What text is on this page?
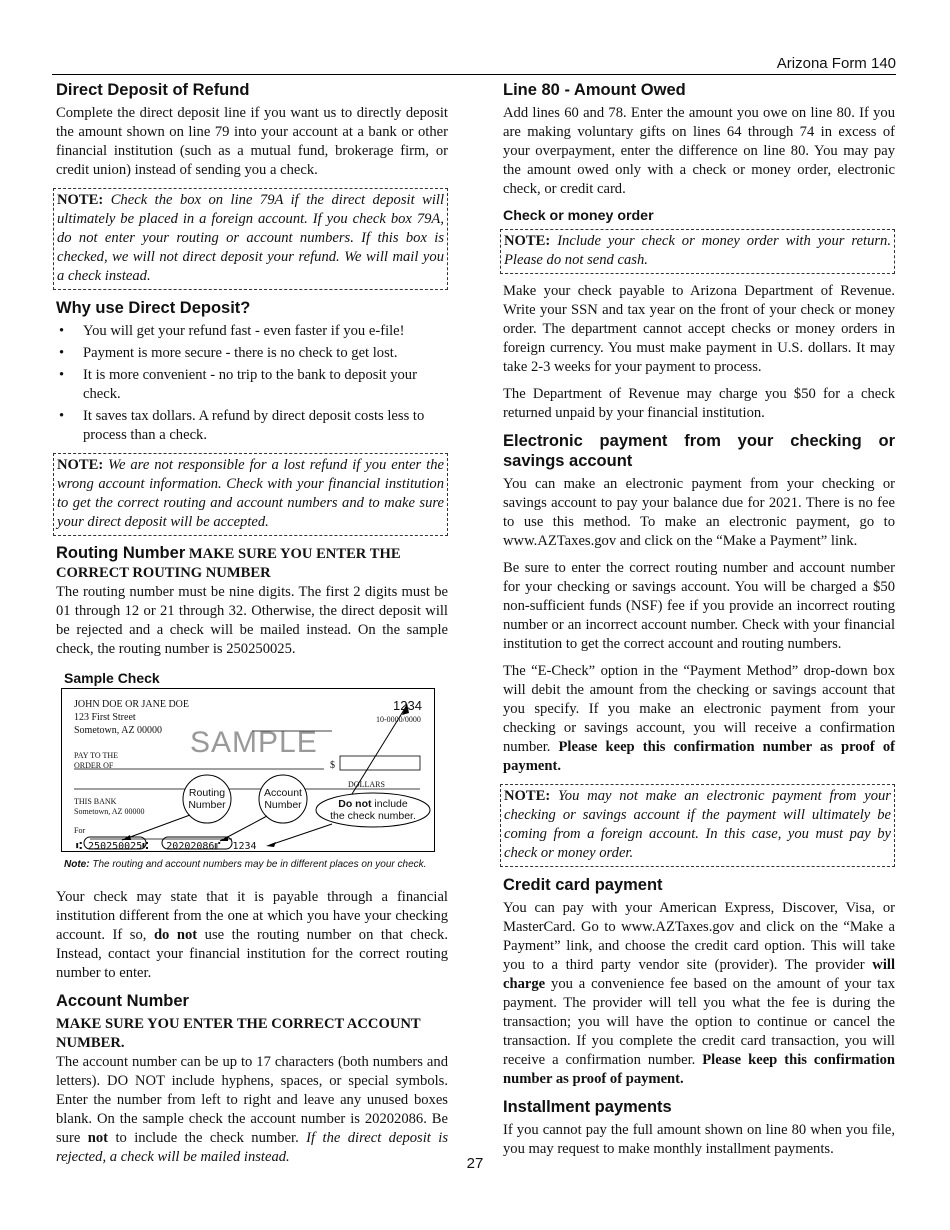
Arizona Form 140
Direct Deposit of Refund

Complete the direct deposit line if you want us to directly deposit the amount shown on line 79 into your account at a bank or other financial institution (such as a mutual fund, brokerage firm, or credit union) instead of sending you a check.

NOTE: Check the box on line 79A if the direct deposit will ultimately be placed in a foreign account. If you check box 79A, do not enter your routing or account numbers. If this box is checked, we will not direct deposit your refund. We will mail you a check instead.
Why use Direct Deposit?
• You will get your refund fast - even faster if you e-file!
• Payment is more secure - there is no check to get lost.
• It is more convenient - no trip to the bank to deposit your check.
• It saves tax dollars. A refund by direct deposit costs less to process than a check.
NOTE: We are not responsible for a lost refund if you enter the wrong account information. Check with your financial institution to get the correct routing and account numbers and to make sure your direct deposit will be accepted.
Routing Number MAKE SURE YOU ENTER THE CORRECT ROUTING NUMBER

The routing number must be nine digits. The first 2 digits must be 01 through 12 or 21 through 32. Otherwise, the direct deposit will be rejected and a check will be mailed instead. On the sample check, the routing number is 250250025.

Sample Check
JOHN DOE OR JANE DOE
123 First Street
Sometown, AZ 00000
1234
10-0000/0000
SAMPLE
PAY TO THE
ORDER OF	$
DOLLARS
THIS BANK
Sometown, AZ 00000
For
Routing
Number
Account
Number	Do not include
the check number.
⑆ 250250025⑆   20202086⑈  1234
Note: The routing and account numbers may be in different places on your check.

Your check may state that it is payable through a financial institution different from the one at which you have your checking account. If so, do not use the routing number on that check. Instead, contact your financial institution for the correct routing number to enter.

Account Number
MAKE SURE YOU ENTER THE CORRECT ACCOUNT NUMBER.

The account number can be up to 17 characters (both numbers and letters). DO NOT include hyphens, spaces, or special symbols. Enter the number from left to right and leave any unused boxes blank. On the sample check the account number is 20202086. Be sure not to include the check number. If the direct deposit is rejected, a check will be mailed instead.

Line 80 - Amount Owed

Add lines 60 and 78. Enter the amount you owe on line 80. If you are making voluntary gifts on lines 64 through 74 in excess of your overpayment, enter the difference on line 80. You may pay the amount owed only with a check or money order, electronic check, or credit card.

Check or money order
NOTE: Include your check or money order with your return. Please do not send cash.

Make your check payable to Arizona Department of Revenue. Write your SSN and tax year on the front of your check or money order. The department cannot accept checks or money orders in foreign currency. You must make payment in U.S. dollars. It may take 2-3 weeks for your payment to process.

The Department of Revenue may charge you $50 for a check returned unpaid by your financial institution.

Electronic payment from your checking or savings account

You can make an electronic payment from your checking or savings account to pay your balance due for 2021. There is no fee to use this method. To make an electronic payment, go to www.AZTaxes.gov and click on the “Make a Payment” link.

Be sure to enter the correct routing number and account number for your checking or savings account. You will be charged a $50 non-sufficient funds (NSF) fee if you provide an incorrect routing number or an incorrect account number. Check with your financial institution to get the correct account and routing numbers.

The “E-Check” option in the “Payment Method” drop-down box will debit the amount from the checking or savings account that you specify. If you make an electronic payment from your checking or savings account, you will receive a confirmation number. Please keep this confirmation number as proof of payment.

NOTE: You may not make an electronic payment from your checking or savings account if the payment will ultimately be coming from a foreign account. In this case, you must pay by check or money order.
Credit card payment

You can pay with your American Express, Discover, Visa, or MasterCard. Go to www.AZTaxes.gov and click on the “Make a Payment” link, and choose the credit card option. This will take you to a third party vendor site (provider). The provider will charge you a convenience fee based on the amount of your tax payment. The provider will tell you what the fee is during the transaction; you will have the option to continue or cancel the transaction. If you complete the credit card transaction, you will receive a confirmation number. Please keep this confirmation number as proof of payment.

Installment payments

If you cannot pay the full amount shown on line 80 when you file, you may request to make monthly installment payments.

27
